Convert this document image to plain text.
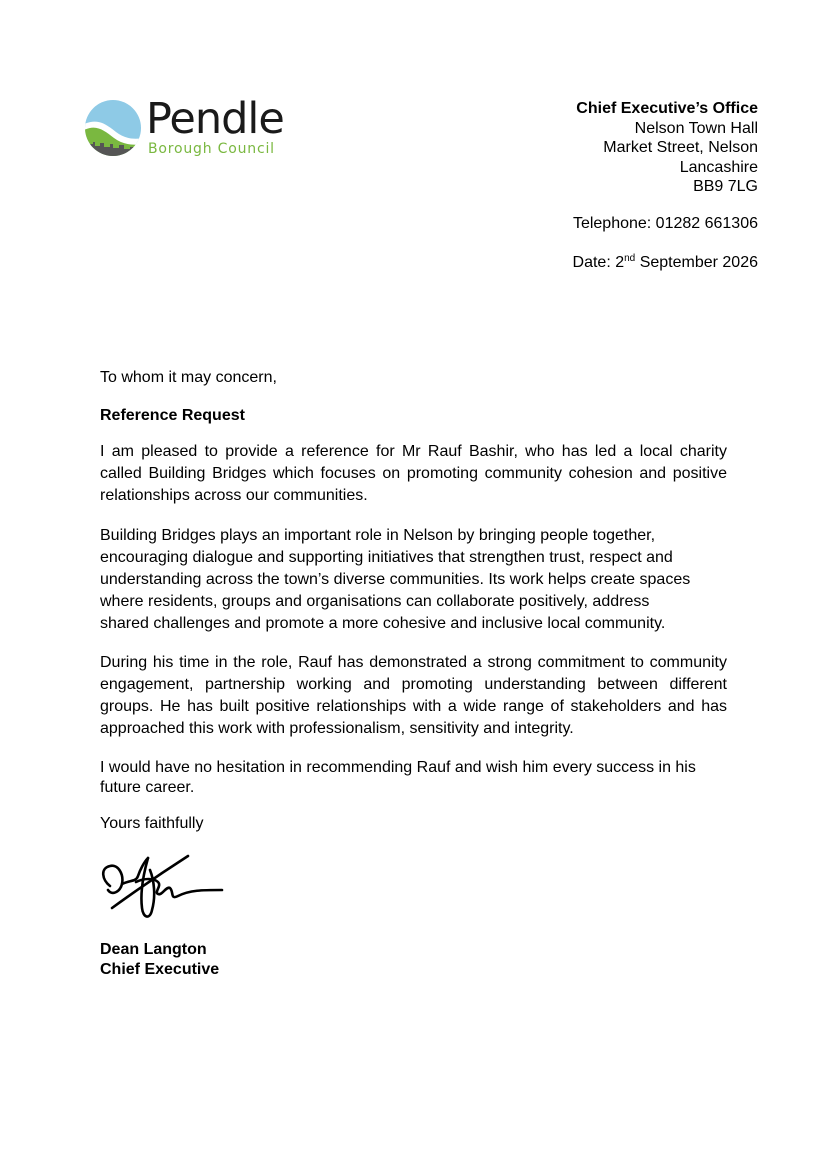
Pendle
Borough Council
Chief Executive’s Office
Nelson Town Hall
Market Street, Nelson
Lancashire
BB9 7LG
Telephone: 01282 661306
Date: 2nd September 2026
To whom it may concern,
Reference Request
I am pleased to provide a reference for Mr Rauf Bashir, who has led a local charity called Building Bridges which focuses on promoting community cohesion and positive relationships across our communities.
Building Bridges plays an important role in Nelson by bringing people together,
encouraging dialogue and supporting initiatives that strengthen trust, respect and
understanding across the town’s diverse communities. Its work helps create spaces
where residents, groups and organisations can collaborate positively, address
shared challenges and promote a more cohesive and inclusive local community.
During his time in the role, Rauf has demonstrated a strong commitment to community engagement, partnership working and promoting understanding between different groups. He has built positive relationships with a wide range of stakeholders and has approached this work with professionalism, sensitivity and integrity.
I would have no hesitation in recommending Rauf and wish him every success in his future career.
Yours faithfully
Dean Langton
Chief Executive
